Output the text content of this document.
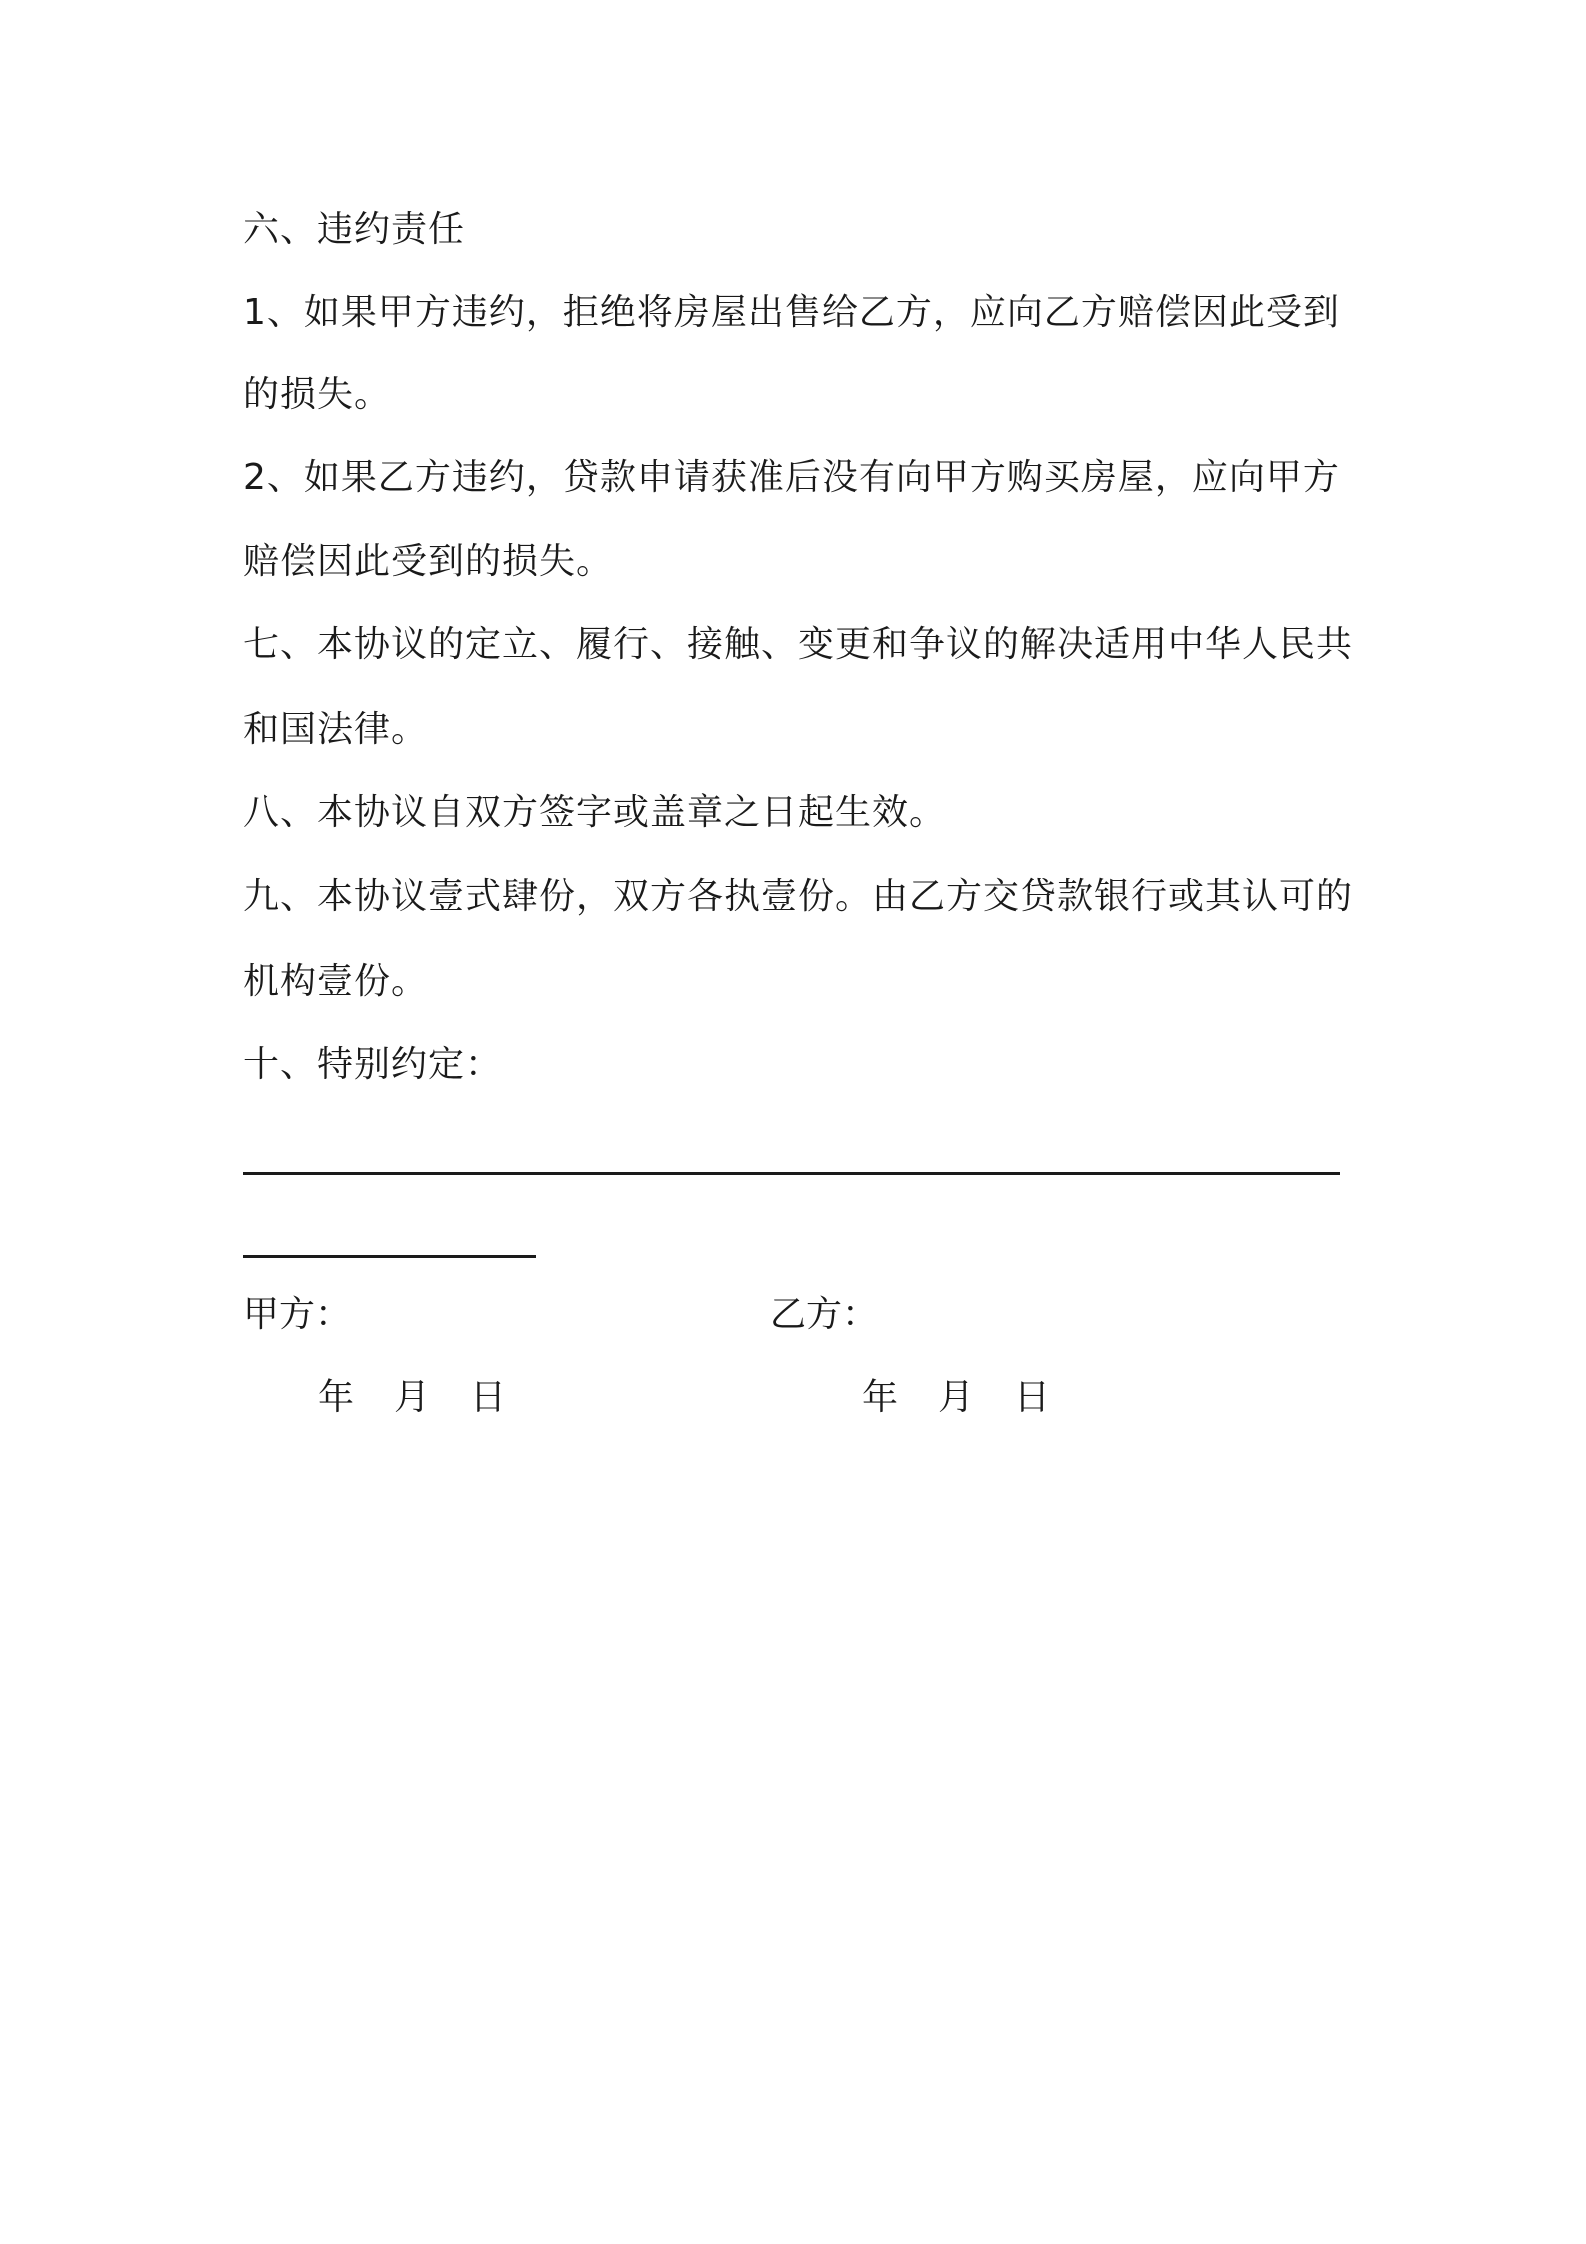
六、违约责任
1、如果甲方违约，拒绝将房屋出售给乙方，应向乙方赔偿因此受到
的损失。
2、如果乙方违约，贷款申请获准后没有向甲方购买房屋，应向甲方
赔偿因此受到的损失。
七、本协议的定立、履行、接触、变更和争议的解决适用中华人民共
和国法律。
八、本协议自双方签字或盖章之日起生效。
九、本协议壹式肆份，双方各执壹份。由乙方交贷款银行或其认可的
机构壹份。
十、特别约定：
甲方：	乙方：
年 月 日	年 月 日
